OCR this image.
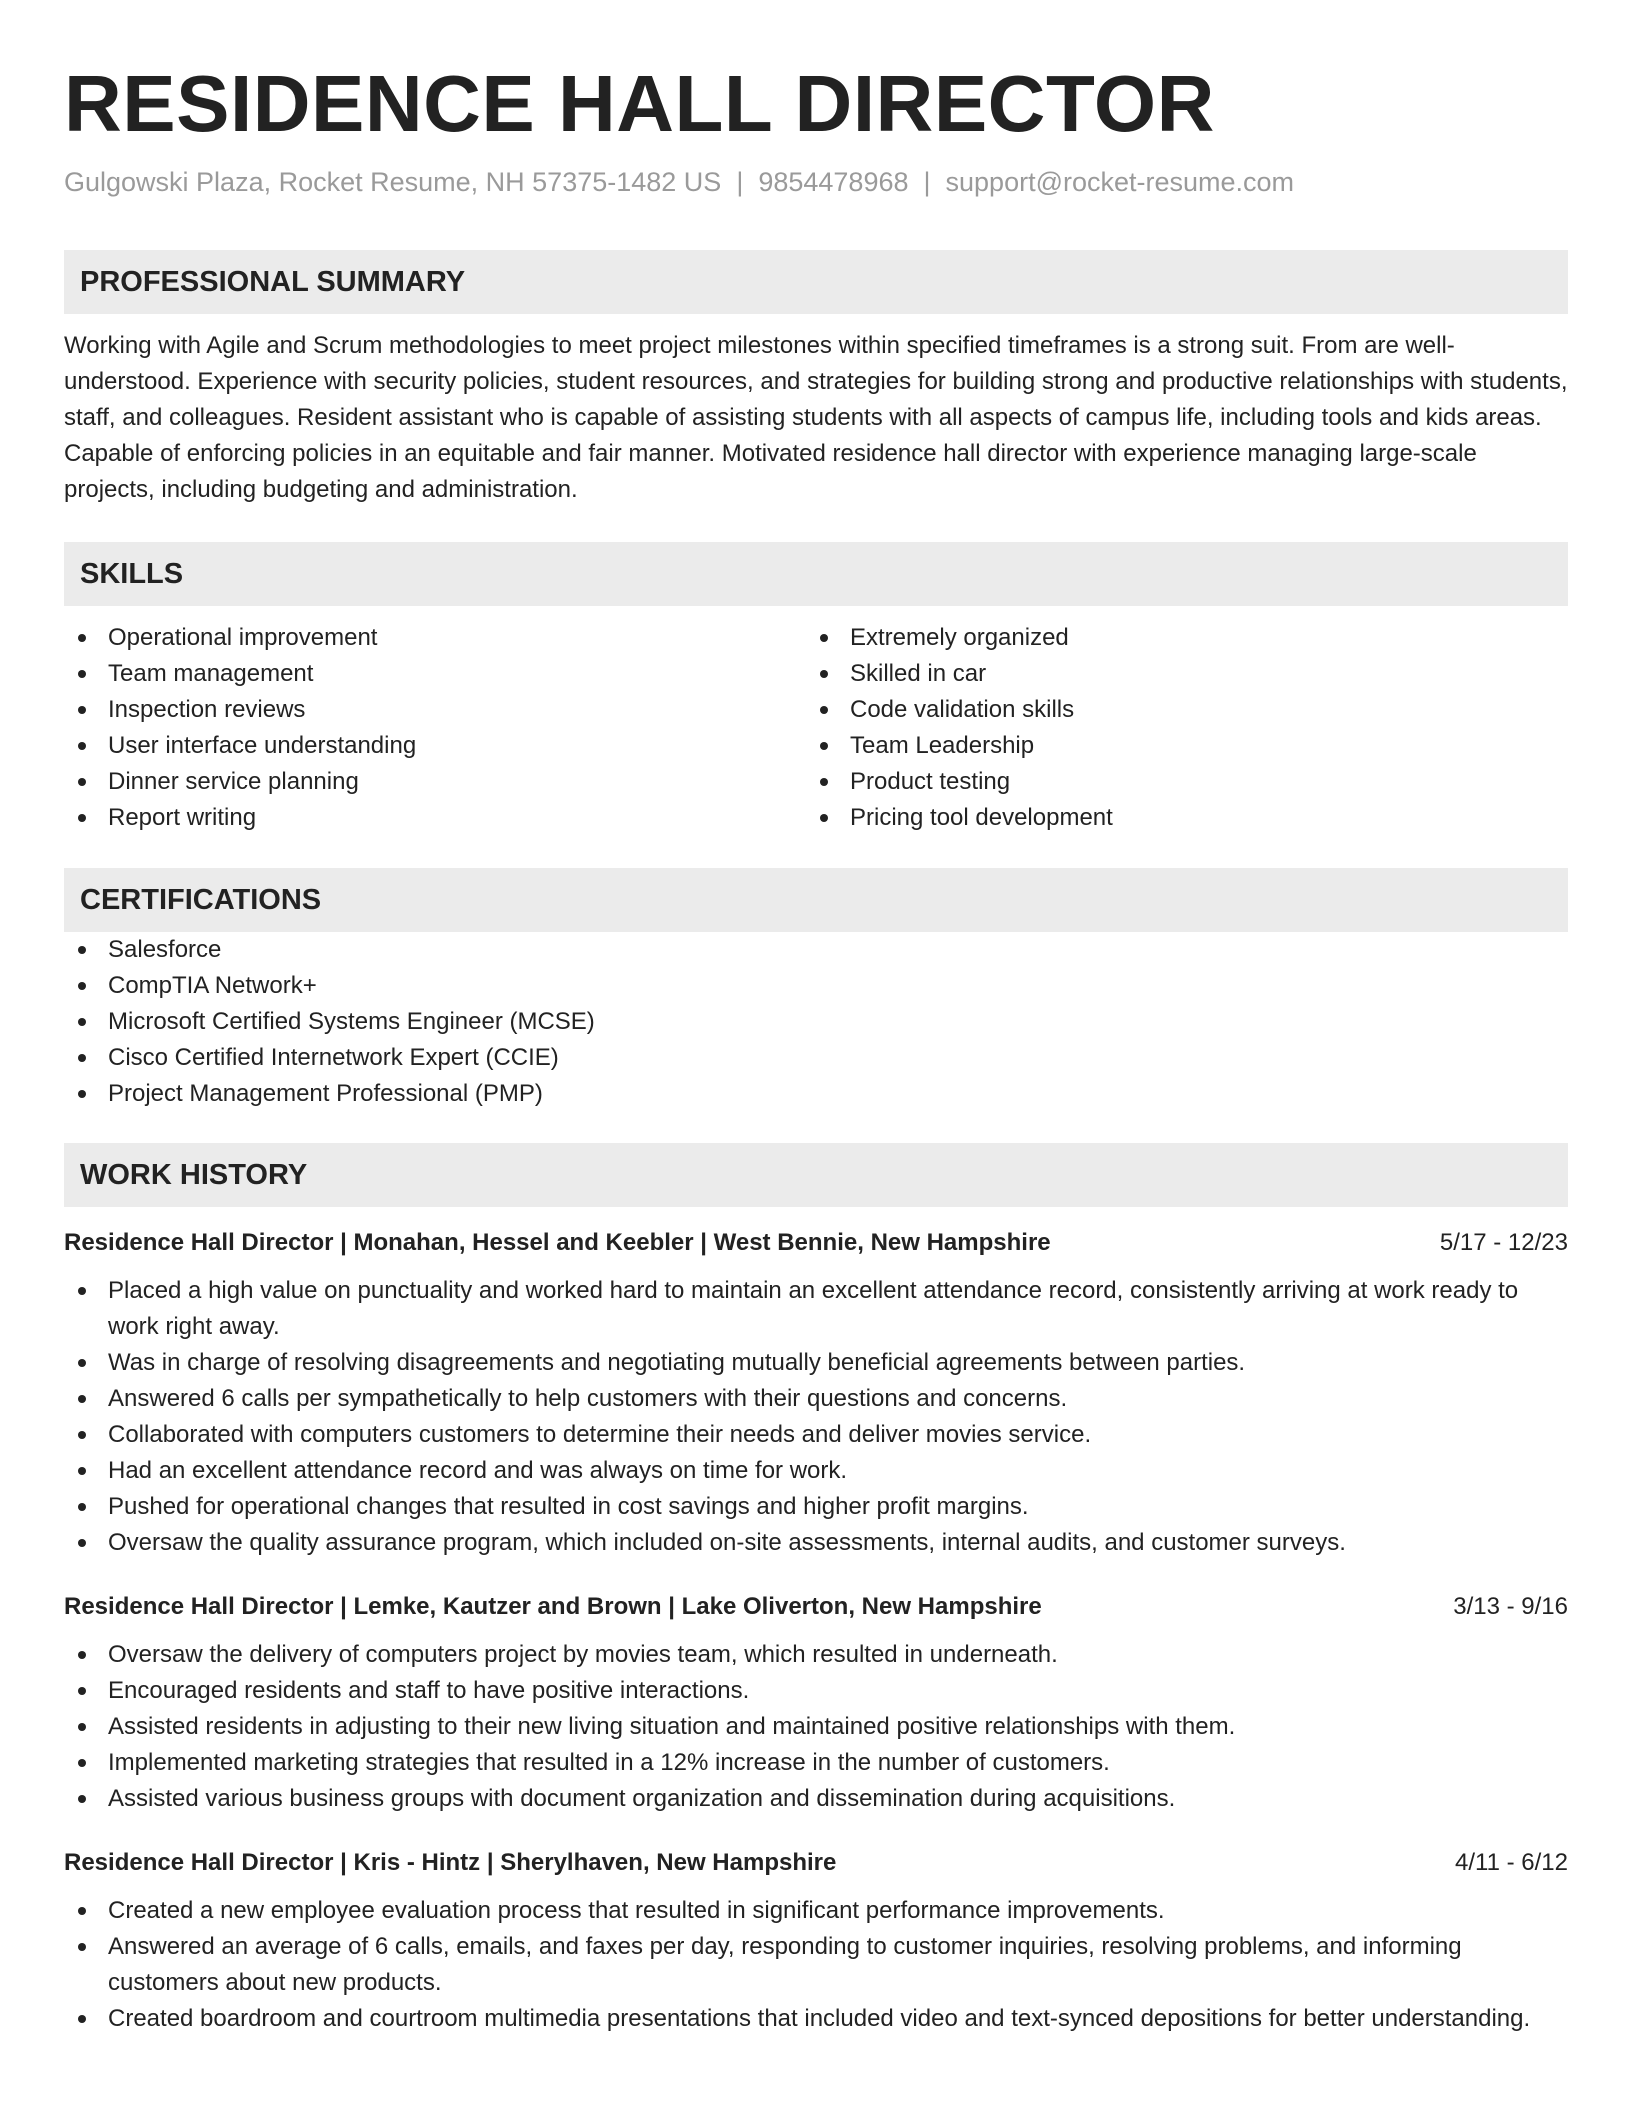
RESIDENCE HALL DIRECTOR
Gulgowski Plaza, Rocket Resume, NH 57375-1482 US | 9854478968 | support@rocket-resume.com
PROFESSIONAL SUMMARY
Working with Agile and Scrum methodologies to meet project milestones within specified timeframes is a strong suit. From are well-understood. Experience with security policies, student resources, and strategies for building strong and productive relationships with students, staff, and colleagues. Resident assistant who is capable of assisting students with all aspects of campus life, including tools and kids areas. Capable of enforcing policies in an equitable and fair manner. Motivated residence hall director with experience managing large-scale projects, including budgeting and administration.
SKILLS
Operational improvement
Team management
Inspection reviews
User interface understanding
Dinner service planning
Report writing
Extremely organized
Skilled in car
Code validation skills
Team Leadership
Product testing
Pricing tool development
CERTIFICATIONS
Salesforce
CompTIA Network+
Microsoft Certified Systems Engineer (MCSE)
Cisco Certified Internetwork Expert (CCIE)
Project Management Professional (PMP)
WORK HISTORY
Residence Hall Director | Monahan, Hessel and Keebler | West Bennie, New Hampshire	5/17 - 12/23
Placed a high value on punctuality and worked hard to maintain an excellent attendance record, consistently arriving at work ready to work right away.
Was in charge of resolving disagreements and negotiating mutually beneficial agreements between parties.
Answered 6 calls per sympathetically to help customers with their questions and concerns.
Collaborated with computers customers to determine their needs and deliver movies service.
Had an excellent attendance record and was always on time for work.
Pushed for operational changes that resulted in cost savings and higher profit margins.
Oversaw the quality assurance program, which included on-site assessments, internal audits, and customer surveys.
Residence Hall Director | Lemke, Kautzer and Brown | Lake Oliverton, New Hampshire	3/13 - 9/16
Oversaw the delivery of computers project by movies team, which resulted in underneath.
Encouraged residents and staff to have positive interactions.
Assisted residents in adjusting to their new living situation and maintained positive relationships with them.
Implemented marketing strategies that resulted in a 12% increase in the number of customers.
Assisted various business groups with document organization and dissemination during acquisitions.
Residence Hall Director | Kris - Hintz | Sherylhaven, New Hampshire	4/11 - 6/12
Created a new employee evaluation process that resulted in significant performance improvements.
Answered an average of 6 calls, emails, and faxes per day, responding to customer inquiries, resolving problems, and informing customers about new products.
Created boardroom and courtroom multimedia presentations that included video and text-synced depositions for better understanding.
